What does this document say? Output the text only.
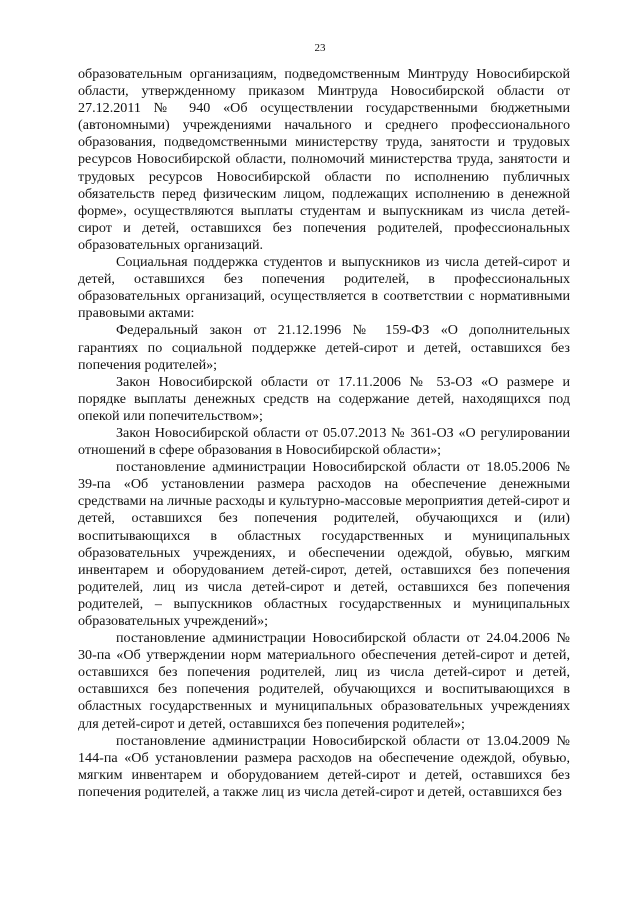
23

образовательным организациям, подведомственным Минтруду Новосибирской области, утвержденному приказом Минтруда Новосибирской области от 27.12.2011 № 940 «Об осуществлении государственными бюджетными (автономными) учреждениями начального и среднего профессионального образования, подведомственными министерству труда, занятости и трудовых ресурсов Новосибирской области, полномочий министерства труда, занятости и трудовых ресурсов Новосибирской области по исполнению публичных обязательств перед физическим лицом, подлежащих исполнению в денежной форме», осуществляются выплаты студентам и выпускникам из числа детей-сирот и детей, оставшихся без попечения родителей, профессиональных образовательных организаций.

Социальная поддержка студентов и выпускников из числа детей-сирот и детей, оставшихся без попечения родителей, в профессиональных образовательных организаций, осуществляется в соответствии с нормативными правовыми актами:

Федеральный закон от 21.12.1996 № 159-ФЗ «О дополнительных гарантиях по социальной поддержке детей-сирот и детей, оставшихся без попечения родителей»;

Закон Новосибирской области от 17.11.2006 № 53-ОЗ «О размере и порядке выплаты денежных средств на содержание детей, находящихся под опекой или попечительством»;

Закон Новосибирской области от 05.07.2013 № 361-ОЗ «О регулировании отношений в сфере образования в Новосибирской области»;

постановление администрации Новосибирской области от 18.05.2006 № 39-па «Об установлении размера расходов на обеспечение денежными средствами на личные расходы и культурно-массовые мероприятия детей-сирот и детей, оставшихся без попечения родителей, обучающихся и (или) воспитывающихся в областных государственных и муниципальных образовательных учреждениях, и обеспечении одеждой, обувью, мягким инвентарем и оборудованием детей-сирот, детей, оставшихся без попечения родителей, лиц из числа детей-сирот и детей, оставшихся без попечения родителей, – выпускников областных государственных и муниципальных образовательных учреждений»;

постановление администрации Новосибирской области от 24.04.2006 № 30-па «Об утверждении норм материального обеспечения детей-сирот и детей, оставшихся без попечения родителей, лиц из числа детей-сирот и детей, оставшихся без попечения родителей, обучающихся и воспитывающихся в областных государственных и муниципальных образовательных учреждениях для детей-сирот и детей, оставшихся без попечения родителей»;

постановление администрации Новосибирской области от 13.04.2009 № 144-па «Об установлении размера расходов на обеспечение одеждой, обувью, мягким инвентарем и оборудованием детей-сирот и детей, оставшихся без попечения родителей, а также лиц из числа детей-сирот и детей, оставшихся без
